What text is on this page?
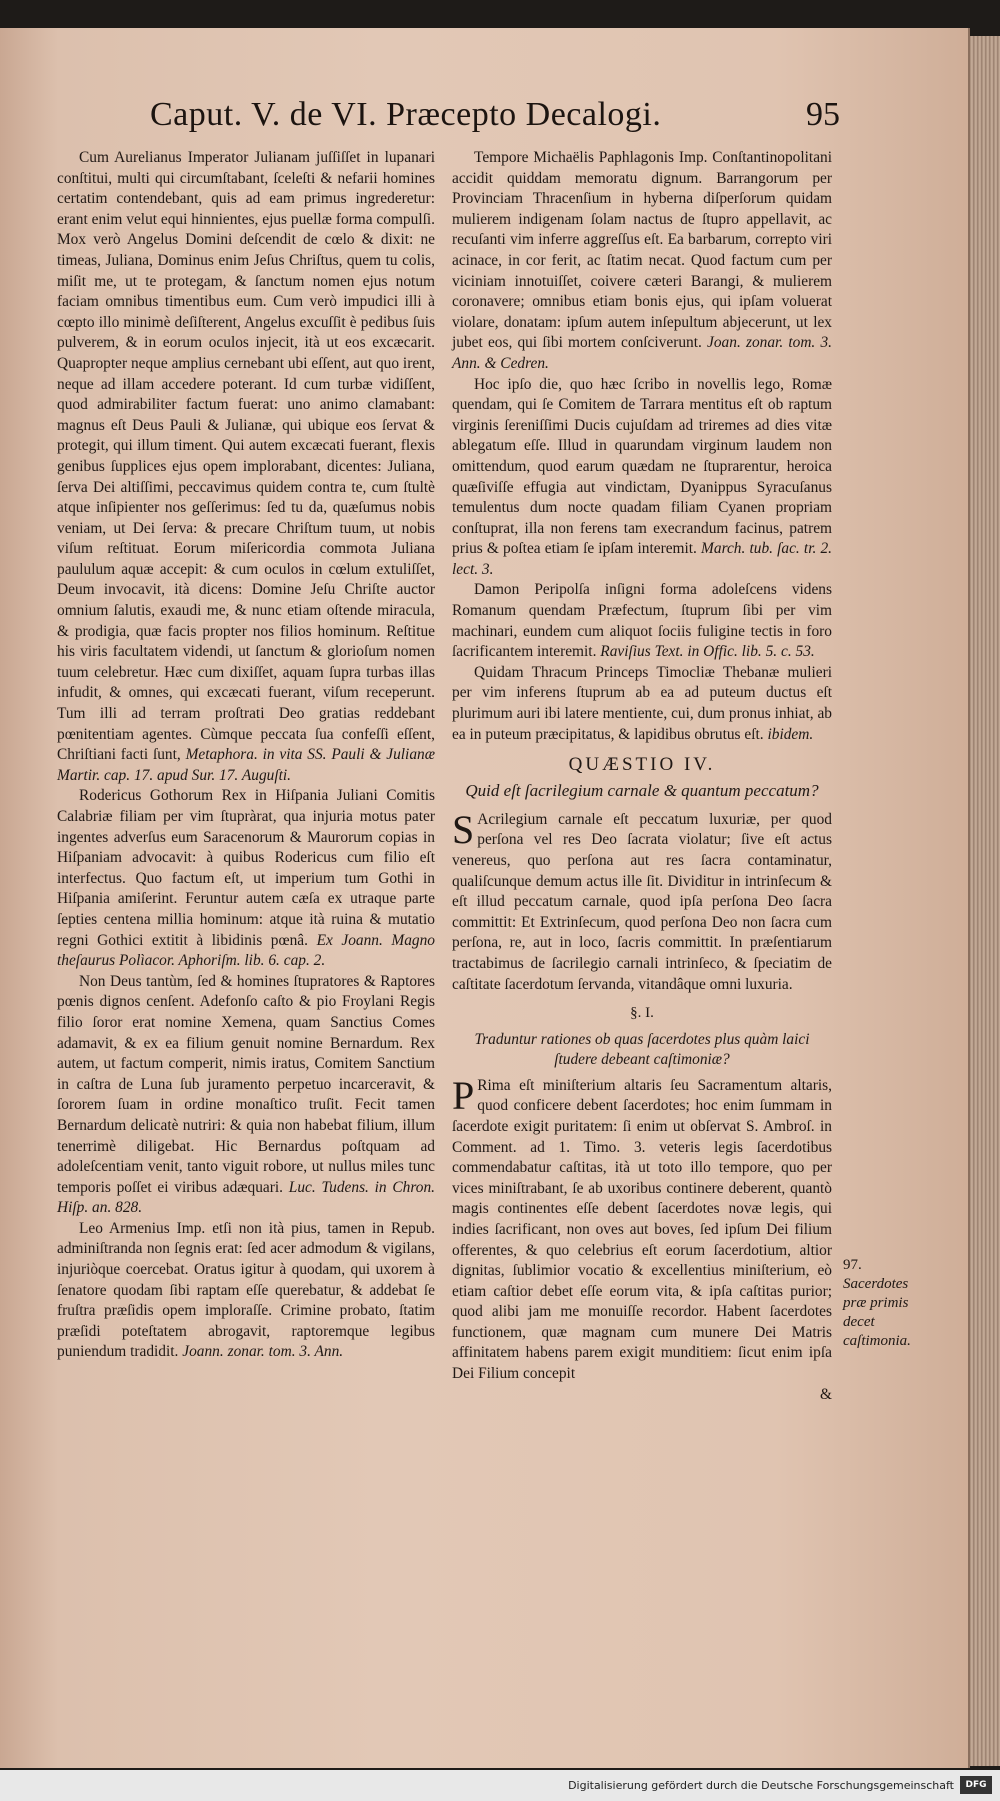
Caput. V. de VI. Præcepto Decalogi.	95

Cum Aurelianus Imperator Julianam juſſiſſet in lupanari conſtitui, multi qui circumſtabant, ſceleſti & nefarii homines certatim contendebant, quis ad eam primus ingrederetur: erant enim velut equi hinnientes, ejus puellæ forma compulſi. Mox verò Angelus Domini deſcendit de cœlo & dixit: ne timeas, Juliana, Dominus enim Jeſus Chriſtus, quem tu colis, miſit me, ut te protegam, & ſanctum nomen ejus notum faciam omnibus timentibus eum. Cum verò impudici illi à cœpto illo minimè deſiſterent, Angelus excuſſit è pedibus ſuis pulverem, & in eorum oculos injecit, ità ut eos excæcarit. Quapropter neque amplius cernebant ubi eſſent, aut quo irent, neque ad illam accedere poterant. Id cum turbæ vidiſſent, quod admirabiliter factum fuerat: uno animo clamabant: magnus eſt Deus Pauli & Julianæ, qui ubique eos ſervat & protegit, qui illum timent. Qui autem excæcati fuerant, flexis genibus ſupplices ejus opem implorabant, dicentes: Juliana, ſerva Dei altiſſimi, peccavimus quidem contra te, cum ſtultè atque inſipienter nos geſſerimus: ſed tu da, quæſumus nobis veniam, ut Dei ſerva: & precare Chriſtum tuum, ut nobis viſum reſtituat. Eorum miſericordia commota Juliana paululum aquæ accepit: & cum oculos in cœlum extuliſſet, Deum invocavit, ità dicens: Domine Jeſu Chriſte auctor omnium ſalutis, exaudi me, & nunc etiam oſtende miracula, & prodigia, quæ facis propter nos filios hominum. Reſtitue his viris facultatem videndi, ut ſanctum & glorioſum nomen tuum celebretur. Hæc cum dixiſſet, aquam ſupra turbas illas infudit, & omnes, qui excæcati fuerant, viſum receperunt. Tum illi ad terram proſtrati Deo gratias reddebant pœnitentiam agentes. Cùmque peccata ſua confeſſi eſſent, Chriſtiani facti ſunt, Metaphora. in vita SS. Pauli & Julianæ Martir. cap. 17. apud Sur. 17. Auguſti.

Rodericus Gothorum Rex in Hiſpania Juliani Comitis Calabriæ filiam per vim ſtupràrat, qua injuria motus pater ingentes adverſus eum Saracenorum & Maurorum copias in Hiſpaniam advocavit: à quibus Rodericus cum filio eſt interfectus. Quo factum eſt, ut imperium tum Gothi in Hiſpania amiſerint. Feruntur autem cæſa ex utraque parte ſepties centena millia hominum: atque ità ruina & mutatio regni Gothici extitit à libidinis pœnâ. Ex Joann. Magno theſaurus Polìacor. Aphoriſm. lib. 6. cap. 2.

Non Deus tantùm, ſed & homines ſtupratores & Raptores pœnis dignos cenſent. Adefonſo caſto & pio Froylani Regis filio ſoror erat nomine Xemena, quam Sanctius Comes adamavit, & ex ea filium genuit nomine Bernardum. Rex autem, ut factum comperit, nimis iratus, Comitem Sanctium in caſtra de Luna ſub juramento perpetuo incarceravit, & ſororem ſuam in ordine monaſtico truſit. Fecit tamen Bernardum delicatè nutriri: & quia non habebat filium, illum tenerrimè diligebat. Hic Bernardus poſtquam ad adoleſcentiam venit, tanto viguit robore, ut nullus miles tunc temporis poſſet ei viribus adæquari. Luc. Tudens. in Chron. Hiſp. an. 828.

Leo Armenius Imp. etſi non ità pius, tamen in Repub. adminiſtranda non ſegnis erat: ſed acer admodum & vigilans, injuriòque coercebat. Oratus igitur à quodam, qui uxorem à ſenatore quodam ſibi raptam eſſe querebatur, & addebat ſe fruſtra præſidis opem imploraſſe. Crimine probato, ſtatim præſidi poteſtatem abrogavit, raptoremque legibus puniendum tradidit. Joann. zonar. tom. 3. Ann.

Tempore Michaëlis Paphlagonis Imp. Conſtantinopolitani accidit quiddam memoratu dignum. Barrangorum per Provinciam Thracenſium in hyberna diſperſorum quidam mulierem indigenam ſolam nactus de ſtupro appellavit, ac recuſanti vim inferre aggreſſus eſt. Ea barbarum, correpto viri acinace, in cor ferit, ac ſtatim necat. Quod factum cum per viciniam innotuiſſet, coivere cæteri Barangi, & mulierem coronavere; omnibus etiam bonis ejus, qui ipſam voluerat violare, donatam: ipſum autem inſepultum abjecerunt, ut lex jubet eos, qui ſibi mortem conſciverunt. Joan. zonar. tom. 3. Ann. & Cedren.

Hoc ipſo die, quo hæc ſcribo in novellis lego, Romæ quendam, qui ſe Comitem de Tarrara mentitus eſt ob raptum virginis ſereniſſimi Ducis cujuſdam ad triremes ad dies vitæ ablegatum eſſe. Illud in quarundam virginum laudem non omittendum, quod earum quædam ne ſtuprarentur, heroica quæſiviſſe effugia aut vindictam, Dyanippus Syracuſanus temulentus dum nocte quadam filiam Cyanen propriam conſtuprat, illa non ferens tam execrandum facinus, patrem prius & poſtea etiam ſe ipſam interemit. March. tub. ſac. tr. 2. lect. 3.

Damon Peripolſa inſigni forma adoleſcens videns Romanum quendam Præfectum, ſtuprum ſibi per vim machinari, eundem cum aliquot ſociis fuligine tectis in foro ſacrificantem interemit. Raviſius Text. in Offic. lib. 5. c. 53.

Quidam Thracum Princeps Timocliæ Thebanæ mulieri per vim inferens ſtuprum ab ea ad puteum ductus eſt plurimum auri ibi latere mentiente, cui, dum pronus inhiat, ab ea in puteum præcipitatus, & lapidibus obrutus eſt. ibidem.

QUÆSTIO IV.
Quid eſt ſacrilegium carnale & quantum peccatum?

S Acrilegium carnale eſt peccatum luxuriæ, per quod perſona vel res Deo ſacrata violatur; ſive eſt actus venereus, quo perſona aut res ſacra contaminatur, qualiſcunque demum actus ille ſit. Dividitur in intrinſecum & eſt illud peccatum carnale, quod ipſa perſona Deo ſacra committit: Et Extrinſecum, quod perſona Deo non ſacra cum perſona, re, aut in loco, ſacris committit. In præſentiarum tractabimus de ſacrilegio carnali intrinſeco, & ſpeciatim de caſtitate ſacerdotum ſervanda, vitandâque omni luxuria.

§. I.
Traduntur rationes ob quas ſacerdotes plus quàm laici ſtudere debeant caſtimoniæ?

P Rima eſt miniſterium altaris ſeu Sacramentum altaris, quod conficere debent ſacerdotes; hoc enim ſummam in ſacerdote exigit puritatem: ſi enim ut obſervat S. Ambroſ. in Comment. ad 1. Timo. 3. veteris legis ſacerdotibus commendabatur caſtitas, ità ut toto illo tempore, quo per vices miniſtrabant, ſe ab uxoribus continere deberent, quantò magis continentes eſſe debent ſacerdotes novæ legis, qui indies ſacrificant, non oves aut boves, ſed ipſum Dei filium offerentes, & quo celebrius eſt eorum ſacerdotium, altior dignitas, ſublimior vocatio & excellentius miniſterium, eò etiam caſtior debet eſſe eorum vita, & ipſa caſtitas purior; quod alibi jam me monuiſſe recordor. Habent ſacerdotes functionem, quæ magnam cum munere Dei Matris affinitatem habens parem exigit munditiem: ſicut enim ipſa Dei Filium concepit

&

97.
Sacerdotes præ primis decet caſtimonia.
Digitalisierung gefördert durch die Deutsche Forschungsgemeinschaft	DFG
